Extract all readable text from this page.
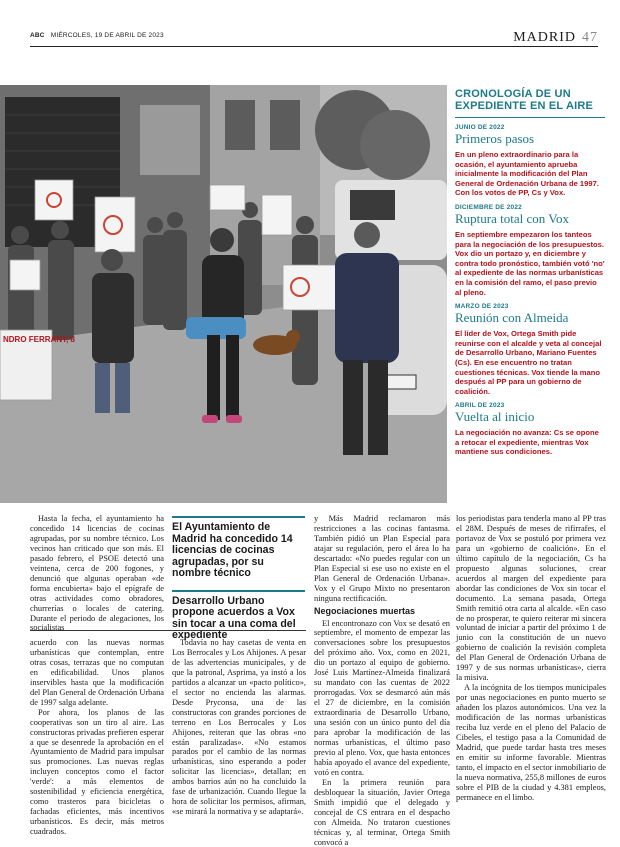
ABC MIÉRCOLES, 19 DE ABRIL DE 2023	MADRID 47
NDRO FERRANT, 8
CRONOLOGÍA DE UN
EXPEDIENTE EN EL AIRE
JUNIO DE 2022
Primeros pasos
En un pleno extraordinario para la ocasión, el ayuntamiento aprueba inicialmente la modificación del Plan General de Ordenación Urbana de 1997. Con los votos de PP, Cs y Vox.
DICIEMBRE DE 2022
Ruptura total con Vox
En septiembre empezaron los tanteos para la negociación de los presupuestos. Vox dio un portazo y, en diciembre y contra todo pronóstico, también votó 'no' al expediente de las normas urbanísticas en la comisión del ramo, el paso previo al pleno.
MARZO DE 2023
Reunión con Almeida
El líder de Vox, Ortega Smith pide reunirse con el alcalde y veta al concejal de Desarrollo Urbano, Mariano Fuentes (Cs). En ese encuentro no tratan cuestiones técnicas. Vox tiende la mano después al PP para un gobierno de coalición.
ABRIL DE 2023
Vuelta al inicio
La negociación no avanza: Cs se opone a retocar el expediente, mientras Vox mantiene sus condiciones.

Hasta la fecha, el ayuntamiento ha concedido 14 licencias de cocinas agrupadas, por su nombre técnico. Los vecinos han criticado que son más. El pasado febrero, el PSOE detectó una veintena, cerca de 200 fogones, y denunció que algunas operaban «de forma encubierta» bajo el epígrafe de otras actividades como obradores, churrerías o locales de catering. Durante el periodo de alegaciones, los socialistas

El Ayuntamiento de Madrid ha concedido 14 licencias de cocinas agrupadas, por su nombre técnico
Desarrollo Urbano propone acuerdos a Vox sin tocar a una coma del expediente

y Más Madrid reclamaron más restricciones a las cocinas fantasma. También pidió un Plan Especial para atajar su regulación, pero el área lo ha descartado: «No puedes regular con un Plan Especial si ese uso no existe en el Plan General de Ordenación Urbana». Vox y el Grupo Mixto no presentaron ninguna rectificación.

Negociaciones muertas

El encontronazo con Vox se desató en septiembre, el momento de empezar las conversaciones sobre los presupuestos del próximo año. Vox, como en 2021, dio un portazo al equipo de gobierno. José Luis Martínez-Almeida finalizará su mandato con las cuentas de 2022 prorrogadas. Vox se desmarcó aún más el 27 de diciembre, en la comisión extraordinaria de Desarrollo Urbano, una sesión con un único punto del día para aprobar la modificación de las normas urbanísticas, el último paso previo al pleno. Vox, que hasta entonces había apoyado el avance del expediente, votó en contra.

En la primera reunión para desbloquear la situación, Javier Ortega Smith impidió que el delegado y concejal de CS entrara en el despacho con Almeida. No trataron cuestiones técnicas y, al terminar, Ortega Smith convocó a

los periodistas para tenderla mano al PP tras el 28M. Después de meses de rifirrafes, el portavoz de Vox se postuló por primera vez para un «gobierno de coalición». En el último capítulo de la negociación, Cs ha propuesto algunas soluciones, crear acuerdos al margen del expediente para abordar las condiciones de Vox sin tocar el documento. La semana pasada, Ortega Smith remitió otra carta al alcalde. «En caso de no prosperar, te quiero reiterar mi sincera voluntad de iniciar a partir del próximo 1 de junio con la constitución de un nuevo gobierno de coalición la revisión completa del Plan General de Ordenación Urbana de 1997 y de sus normas urbanísticas», cierra la misiva.

A la incógnita de los tiempos municipales por unas negociaciones en punto muerto se añaden los plazos autonómicos. Una vez la modificación de las normas urbanísticas reciba luz verde en el pleno del Palacio de Cibeles, el testigo pasa a la Comunidad de Madrid, que puede tardar hasta tres meses en emitir su informe favorable. Mientras tanto, el impacto en el sector inmobiliario de la nueva normativa, 255,8 millones de euros sobre el PIB de la ciudad y 4.381 empleos, permanece en el limbo.

acuerdo con las nuevas normas urbanísticas que contemplan, entre otras cosas, terrazas que no computan en edificabilidad. Unos planos inservibles hasta que la modificación del Plan General de Ordenación Urbana de 1997 salga adelante.

Por ahora, los planos de las cooperativas son un tiro al aire. Las constructoras privadas prefieren esperar a que se desenrede la aprobación en el Ayuntamiento de Madrid para impulsar sus promociones. Las nuevas reglas incluyen conceptos como el factor 'verde': a más elementos de sostenibilidad y eficiencia energética, como trasteros para bicicletas o fachadas eficientes, más incentivos urbanísticos. Es decir, más metros cuadrados.

Todavía no hay casetas de venta en Los Berrocales y Los Ahijones. A pesar de las advertencias municipales, y de que la patronal, Asprima, ya instó a los partidos a alcanzar un «pacto político», el sector no encienda las alarmas. Desde Pryconsa, una de las constructoras con grandes porciones de terreno en Los Berrocales y Los Ahijones, reiteran que las obras «no están paralizadas». «No estamos parados por el cambio de las normas urbanísticas, sino esperando a poder solicitar las licencias», detallan; en ambos barrios aún no ha concluido la fase de urbanización. Cuando llegue la hora de solicitar los permisos, afirman, «se mirará la normativa y se adaptará».
